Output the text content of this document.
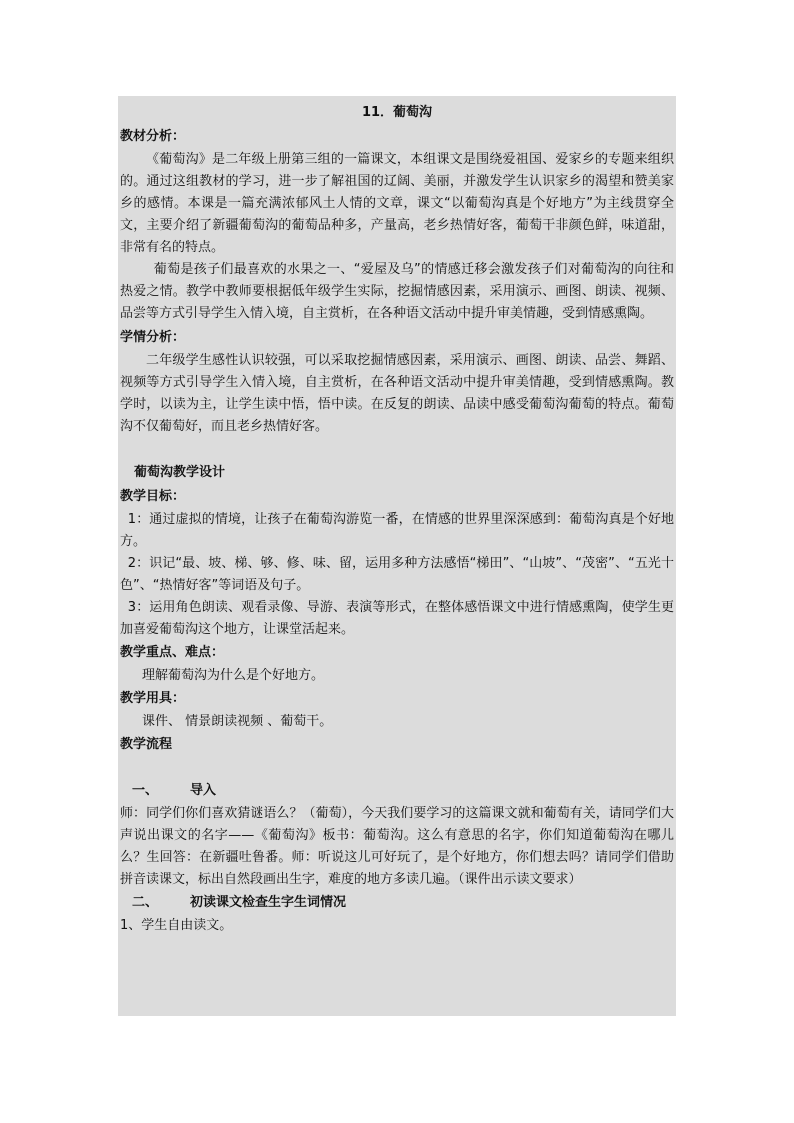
11．葡萄沟

教材分析：

《葡萄沟》是二年级上册第三组的一篇课文，本组课文是围绕爱祖国、爱家乡的专题来组织的。通过这组教材的学习，进一步了解祖国的辽阔、美丽，并激发学生认识家乡的渴望和赞美家乡的感情。本课是一篇充满浓郁风土人情的文章，课文“以葡萄沟真是个好地方”为主线贯穿全文，主要介绍了新疆葡萄沟的葡萄品种多，产量高，老乡热情好客，葡萄干非颜色鲜，味道甜，非常有名的特点。

葡萄是孩子们最喜欢的水果之一、“爱屋及乌”的情感迁移会激发孩子们对葡萄沟的向往和热爱之情。教学中教师要根据低年级学生实际，挖掘情感因素，采用演示、画图、朗读、视频、品尝等方式引导学生入情入境，自主赏析，在各种语文活动中提升审美情趣，受到情感熏陶。

学情分析：

二年级学生感性认识较强，可以采取挖掘情感因素，采用演示、画图、朗读、品尝、舞蹈、视频等方式引导学生入情入境，自主赏析，在各种语文活动中提升审美情趣，受到情感熏陶。教学时，以读为主，让学生读中悟，悟中读。在反复的朗读、品读中感受葡萄沟葡萄的特点。葡萄沟不仅葡萄好，而且老乡热情好客。

葡萄沟教学设计

教学目标：

1：通过虚拟的情境，让孩子在葡萄沟游览一番，在情感的世界里深深感到：葡萄沟真是个好地方。

2：识记“最、坡、梯、够、修、味、留，运用多种方法感悟“梯田”、“山坡”、“茂密”、“五光十色”、“热情好客”等词语及句子。

3：运用角色朗读、观看录像、导游、表演等形式，在整体感悟课文中进行情感熏陶，使学生更加喜爱葡萄沟这个地方，让课堂活起来。

教学重点、难点：

理解葡萄沟为什么是个好地方。

教学用具：

课件、 情景朗读视频 、葡萄干。

教学流程

一、 导入

师：同学们你们喜欢猜谜语么？（葡萄），今天我们要学习的这篇课文就和葡萄有关，请同学们大声说出课文的名字——《葡萄沟》板书：葡萄沟。这么有意思的名字，你们知道葡萄沟在哪儿么？生回答：在新疆吐鲁番。师：听说这儿可好玩了，是个好地方，你们想去吗？请同学们借助拼音读课文，标出自然段画出生字，难度的地方多读几遍。（课件出示读文要求）

二、 初读课文检查生字生词情况

1、学生自由读文。
